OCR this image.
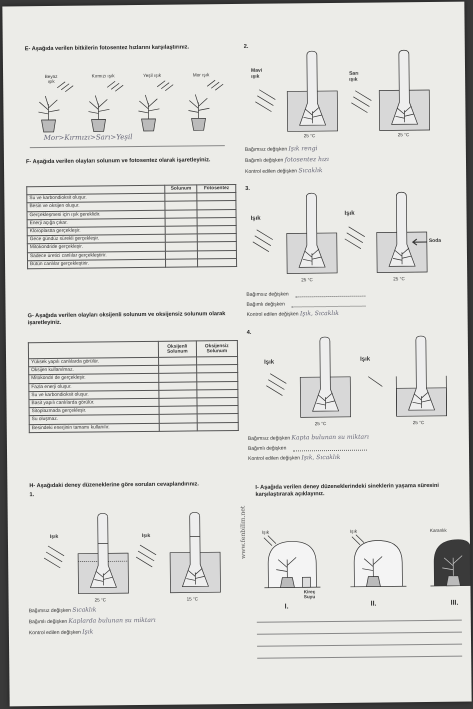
E- Aşağıda verilen bitkilerin fotosentez hızlarını karşılaştırınız.
Beyaz ışık
Kırmızı ışık	Yeşil ışık	Mor ışık
Mor>Kırmızı>Sarı>Yeşil
F- Aşağıda verilen olayları solunum ve fotosentez olarak işaretleyiniz.
	Solunum	Fotosentez
Su ve karbondioksit oluşur.		
Besin ve oksijen oluşur.		
Gerçekleşmesi için ışık gereklidir.		
Enerji açığa çıkar.		
Kloroplastta gerçekleşir.		
Gece gündüz sürekli gerçekleşir.		
Mitokondride gerçekleşir.		
Sadece üretici canlılar gerçekleştirir.		
Bütün canlılar gerçekleştirir.		
G- Aşağıda verilen olayları oksijenli solunum ve oksijensiz solunum olarak işaretleyiniz.
	Oksijenli Solunum	Oksijensiz Solunum
Yüksek yapılı canlılarda görülür.		
Oksijen kullanılmaz.		
Mitokondri de gerçekleşir.		
Fazla enerji oluşur.		
Su ve karbondioksit oluşur.		
Basit yapılı canlılarda görülür.		
Sitoplazmada gerçekleşir.		
Su oluşmaz.		
Besindeki enerjinin tamamı kullanılır.		
H- Aşağıdaki deney düzeneklerine göre soruları cevaplandırınız.
1.
Işık	Işık
25 °C	15 °C
Bağımsız değişken Sıcaklık
Bağımlı değişken Kaplarda bulunan su miktarı
Kontrol edilen değişken Işık
www.fenbilim.net
2.
Mavi ışık	Sarı ışık
25 °C	25 °C
Bağımsız değişken Işık rengi
Bağımlı değişken fotosentez hızı
Kontrol edilen değişken Sıcaklık
3.
Işık
Işık
Soda
25 °C	25 °C
Bağımsız değişken
Bağımlı değişken
Kontrol edilen değişken Işık, Sıcaklık
4.
Işık	Işık
25 °C	25 °C
Bağımsız değişken Kapta bulunan su miktarı
Bağımlı değişken
Kontrol edilen değişken Işık, Sıcaklık
I- Aşağıda verilen deney düzeneklerindeki sineklerin yaşama süresini karşılaştırarak açıklayınız.
Işık	Işık	Karanlık
Kireç Suyu
I.	II.	III.
